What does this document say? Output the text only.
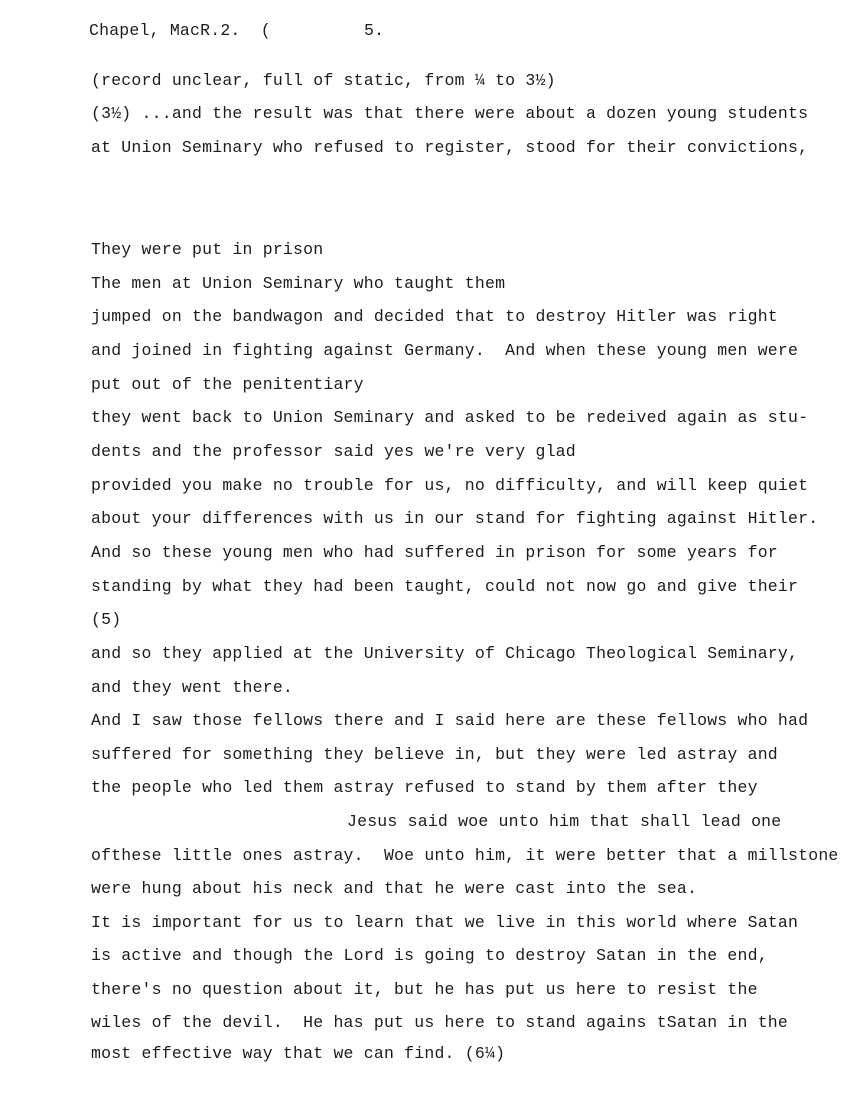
Chapel, MacR.2.  (	5.
(record unclear, full of static, from ¼ to 3½)
(3½) ...and the result was that there were about a dozen young students
at Union Seminary who refused to register, stood for their convictions,
They were put in prison
The men at Union Seminary who taught them
jumped on the bandwagon and decided that to destroy Hitler was right
and joined in fighting against Germany.  And when these young men were
put out of the penitentiary
they went back to Union Seminary and asked to be redeived again as stu-
dents and the professor said yes we're very glad
provided you make no trouble for us, no difficulty, and will keep quiet
about your differences with us in our stand for fighting against Hitler.
And so these young men who had suffered in prison for some years for
standing by what they had been taught, could not now go and give their
(5)
and so they applied at the University of Chicago Theological Seminary,
and they went there.
And I saw those fellows there and I said here are these fellows who had
suffered for something they believe in, but they were led astray and
the people who led them astray refused to stand by them after they
Jesus said woe unto him that shall lead one
ofthese little ones astray.  Woe unto him, it were better that a millstone
were hung about his neck and that he were cast into the sea.
It is important for us to learn that we live in this world where Satan
is active and though the Lord is going to destroy Satan in the end,
there's no question about it, but he has put us here to resist the
wiles of the devil.  He has put us here to stand agains tSatan in the
most effective way that we can find. (6¼)
